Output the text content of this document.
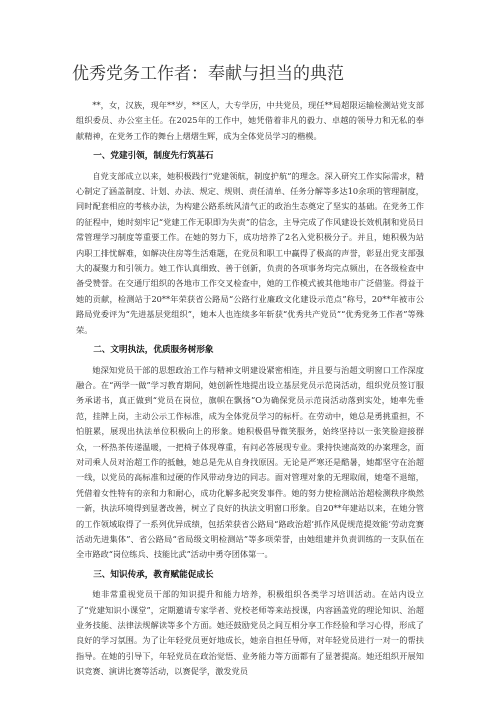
优秀党务工作者：奉献与担当的典范

**，女，汉族，现年**岁，**区人，大专学历，中共党员，现任**局超限运输检测站党支部组织委员、办公室主任。在2025年的工作中，她凭借着非凡的毅力、卓越的领导力和无私的奉献精神，在党务工作的舞台上熠熠生辉，成为全体党员学习的楷模。

一、党建引领，制度先行筑基石

自党支部成立以来，她积极践行“党建领航，制度护航”的理念。深入研究工作实际需求，精心制定了涵盖制度、计划、办法、规定、规则、责任清单、任务分解等多达10余项的管理制度，同时配套相应的考核办法，为构建公路系统风清气正的政治生态奠定了坚实的基础。在党务工作的征程中，她时刻牢记“党建工作无职即为失责”的信念，主导完成了作风建设长效机制和党员日常管理学习制度等重要工作。在她的努力下，成功培养了2名入党积极分子。并且，她积极为站内职工排忧解难，如解决住房等生活难题，在党员和职工中赢得了极高的声誉，彰显出党支部强大的凝聚力和引领力。她工作认真细致、善于创新，负责的各项事务均完点频出，在各级检查中备受赞誉。在交通厅组织的各地市工作交叉检查中，她的工作模式被其他地市广泛借鉴。得益于她的贡献，检测站于20**年荣获省公路局“公路行业廉政文化建设示范点”称号，20**年被市公路局党委评为“先进基层党组织”，她本人也连续多年斩获“优秀共产党员”“优秀党务工作者”等殊荣。

二、文明执法，优质服务树形象

她深知党员干部的思想政治工作与精神文明建设紧密相连，并且要与治超文明窗口工作深度融合。在“两学一做”学习教育期间，她创新性地提出设立基层党员示范岗活动，组织党员签订服务承诺书，真正做到“党员在岗位，旗帜在飘扬”O为确保党员示范岗活动落到实处，她率先垂范，挂牌上岗，主动公示工作标准，成为全体党员学习的标杆。在劳动中，她总是勇挑重担，不怕脏累，展现出执法单位积极向上的形象。她积极倡导微笑服务，始终坚持以一张笑脸迎接群众，一杯热茶传递温暖，一把椅子体现尊重，有问必答展现专业。秉持快速高效的办案理念，面对司乘人员对治超工作的抵触，她总是先从自身找原因。无论是严寒还是酷暑，她都坚守在治超一线，以党员的高标准和过硬的作风带动身边的同志。面对管理对象的无理取闹，她毫不退缩，凭借着女性特有的亲和力和耐心，成功化解多起突发事件。她的努力使检测站治超检测秩序焕然一新，执法环境得到显著改善，树立了良好的执法文明窗口形象。自20**年建站以来，在她分管的工作领域取得了一系列优异成绩，包括荣获省公路局“路政治超’抓作风促规范提效能’劳动竞赛活动先进集体”、省公路局“省局级文明检测站”等多项荣誉，由她组建并负责训练的一支队伍在全市路政“岗位练兵、技能比武”活动中勇夺团体第一。

三、知识传承，教育赋能促成长

她非常重视党员干部的知识提升和能力培养，积极组织各类学习培训活动。在站内设立了“党建知识小课堂”，定期邀请专家学者、党校老师等来站授课，内容涵盖党的理论知识、治超业务技能、法律法规解读等多个方面。她还鼓励党员之间互相分享工作经验和学习心得，形成了良好的学习氛围。为了让年轻党员更好地成长，她亲自担任导师，对年轻党员进行一对一的帮扶指导。在她的引导下，年轻党员在政治觉悟、业务能力等方面都有了显著提高。她还组织开展知识竞赛、演讲比赛等活动，以赛促学，激发党员
